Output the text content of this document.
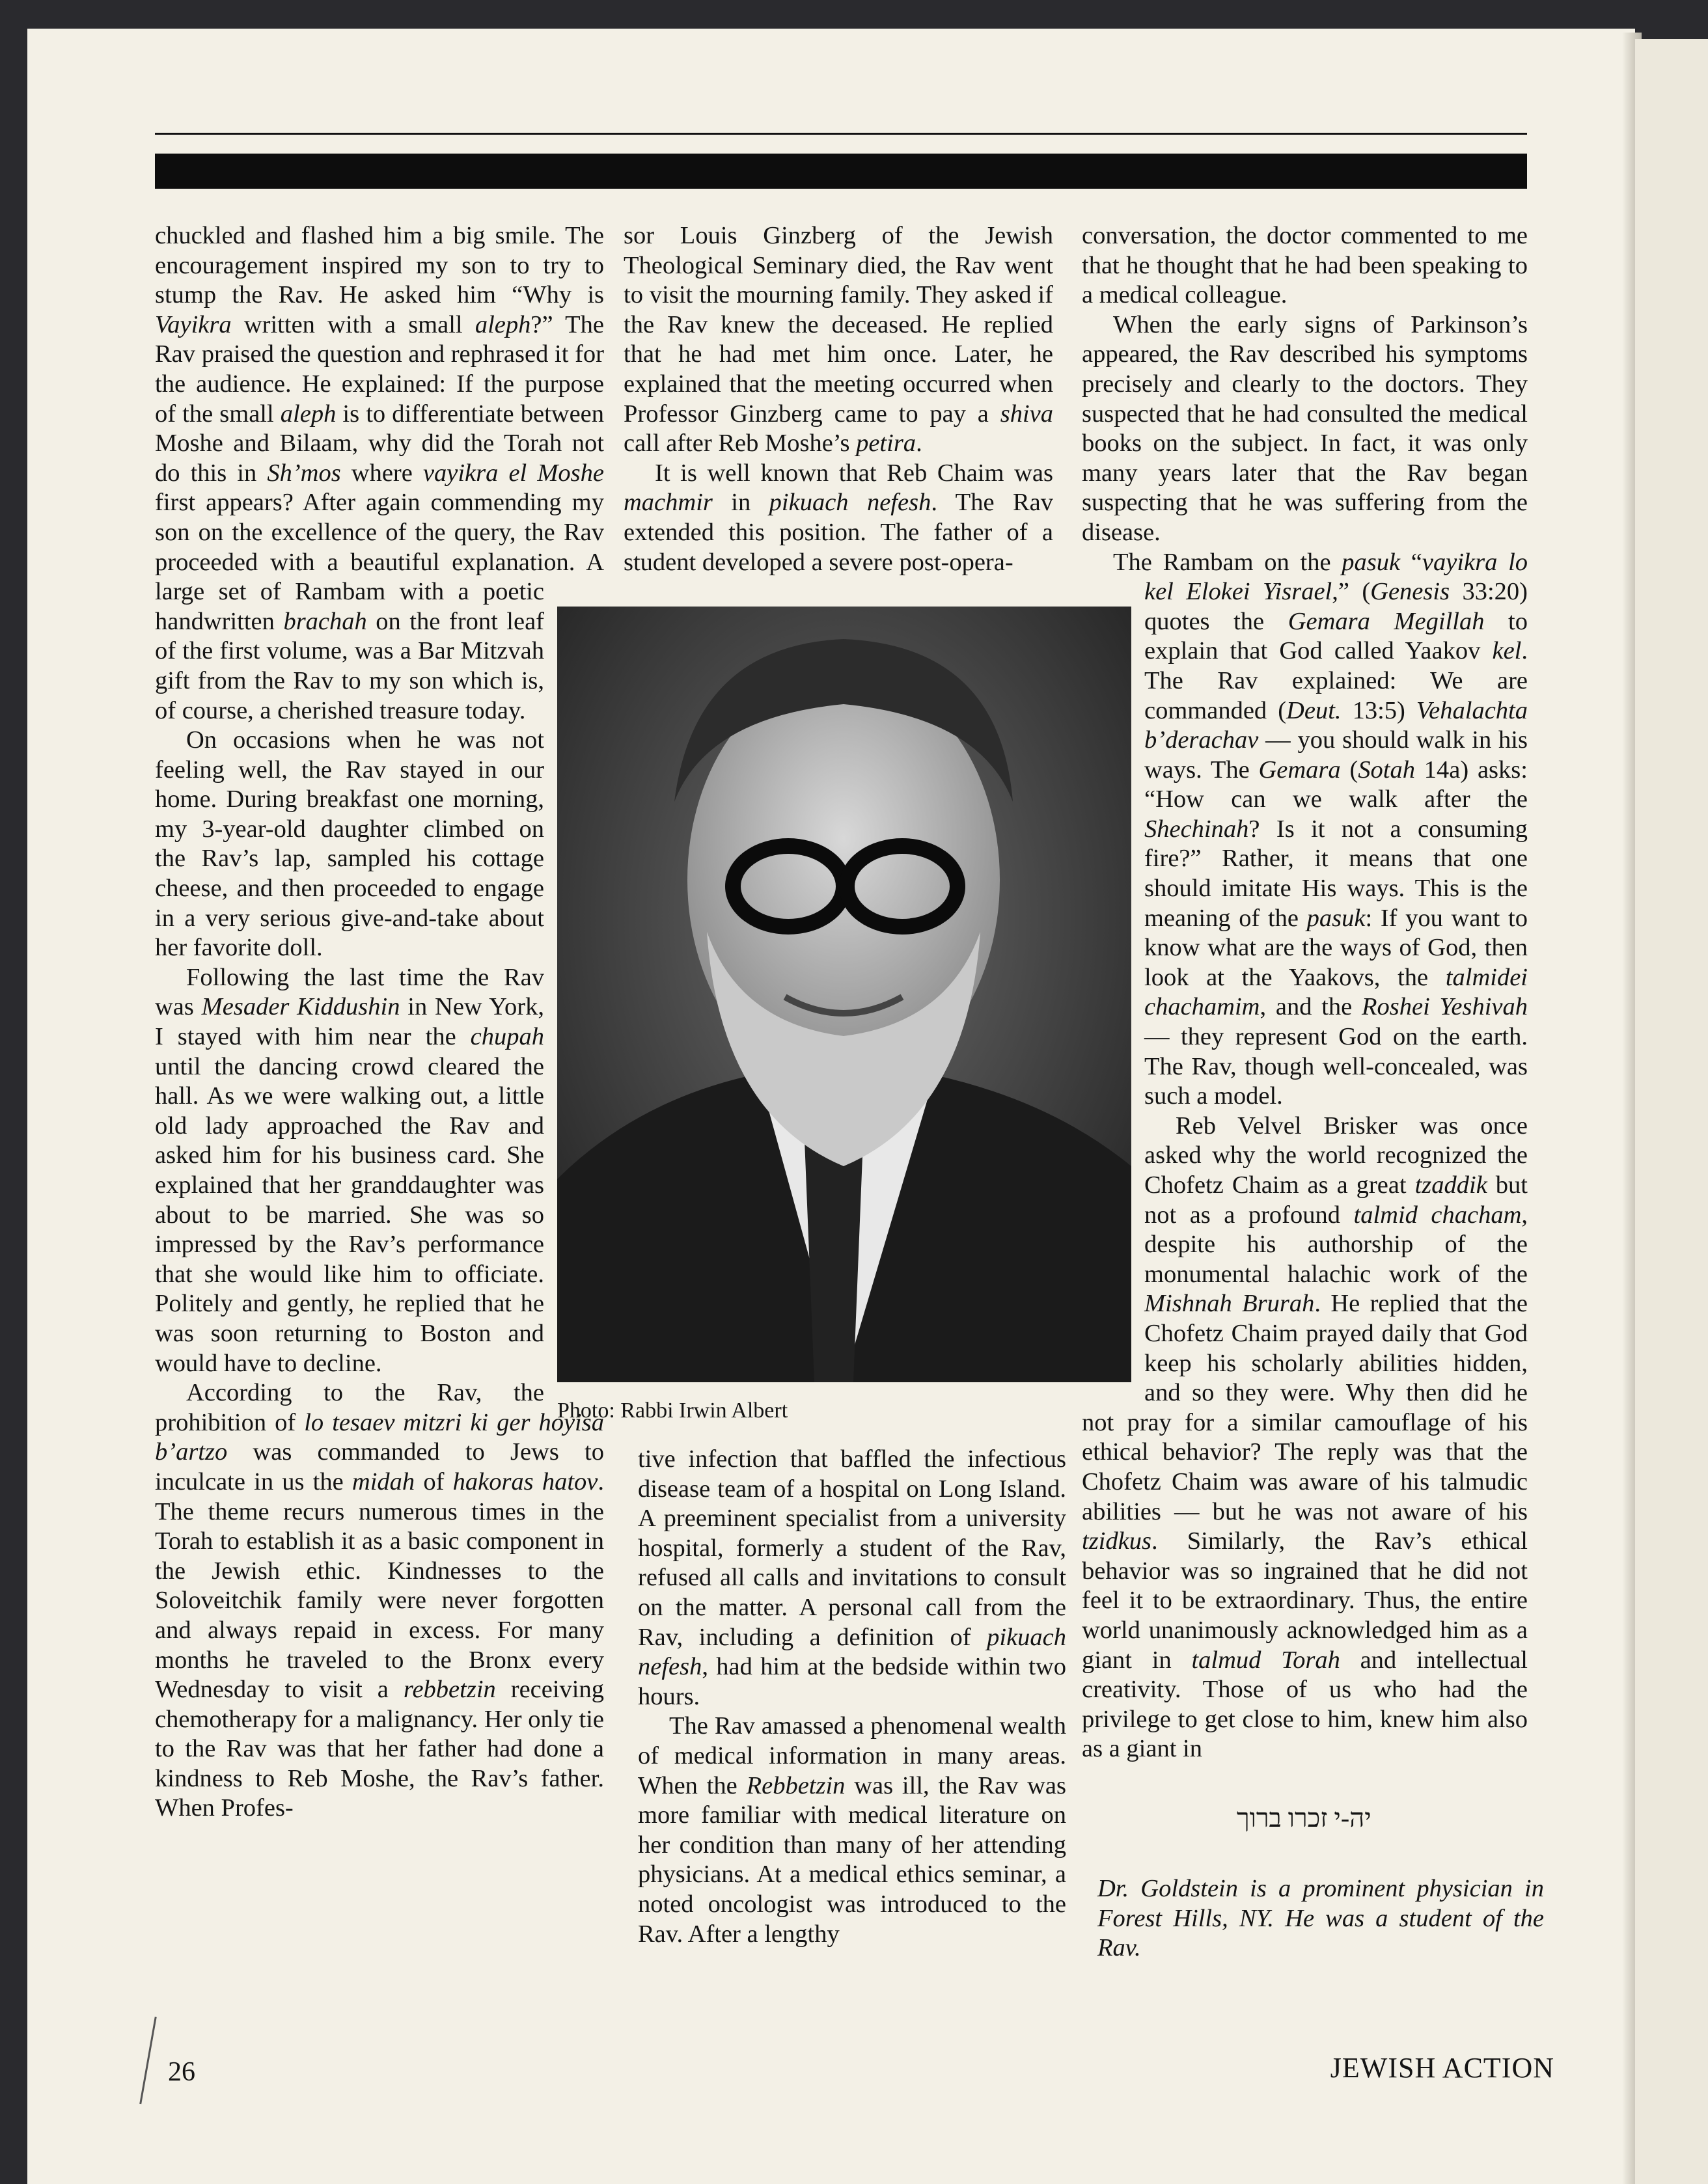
chuckled and flashed him a big smile. The encouragement inspired my son to try to stump the Rav. He asked him “Why is Vayikra written with a small aleph?” The Rav praised the question and rephrased it for the audience. He explained: If the purpose of the small aleph is to differentiate between Moshe and Bilaam, why did the Torah not do this in Sh’mos where vayikra el Moshe first appears? After again commending my son on the excellence of the query, the Rav proceeded with a beautiful explanation. A large set of Rambam with a poetic handwritten brachah on the front leaf of the first volume, was a Bar Mitzvah gift from the Rav to my son which is, of course, a cherished treasure today.

On occasions when he was not feeling well, the Rav stayed in our home. During breakfast one morning, my 3-year-old daughter climbed on the Rav’s lap, sampled his cottage cheese, and then proceeded to engage in a very serious give-and-take about her favorite doll.

Following the last time the Rav was Mesader Kiddushin in New York, I stayed with him near the chupah until the dancing crowd cleared the hall. As we were walking out, a little old lady approached the Rav and asked him for his business card. She explained that her granddaughter was about to be married. She was so impressed by the Rav’s performance that she would like him to officiate. Politely and gently, he replied that he was soon returning to Boston and would have to decline.

According to the Rav, the prohibition of lo tesaev mitzri ki ger hoyisa b’artzo was commanded to Jews to inculcate in us the midah of hakoras hatov. The theme recurs numerous times in the Torah to establish it as a basic component in the Jewish ethic. Kindnesses to the Soloveitchik family were never forgotten and always repaid in excess. For many months he traveled to the Bronx every Wednesday to visit a rebbetzin receiving chemotherapy for a malignancy. Her only tie to the Rav was that her father had done a kindness to Reb Moshe, the Rav’s father. When Profes-

sor Louis Ginzberg of the Jewish Theological Seminary died, the Rav went to visit the mourning family. They asked if the Rav knew the deceased. He replied that he had met him once. Later, he explained that the meeting occurred when Professor Ginzberg came to pay a shiva call after Reb Moshe’s petira.

It is well known that Reb Chaim was machmir in pikuach nefesh. The Rav extended this position. The father of a student developed a severe post-opera-

tive infection that baffled the infectious disease team of a hospital on Long Island. A preeminent specialist from a university hospital, formerly a student of the Rav, refused all calls and invitations to consult on the matter. A personal call from the Rav, including a definition of pikuach nefesh, had him at the bedside within two hours.

The Rav amassed a phenomenal wealth of medical information in many areas. When the Rebbetzin was ill, the Rav was more familiar with medical literature on her condition than many of her attending physicians. At a medical ethics seminar, a noted oncologist was introduced to the Rav. After a lengthy

conversation, the doctor commented to me that he thought that he had been speaking to a medical colleague.

When the early signs of Parkinson’s appeared, the Rav described his symptoms precisely and clearly to the doctors. They suspected that he had consulted the medical books on the subject. In fact, it was only many years later that the Rav began suspecting that he was suffering from the disease.

The Rambam on the pasuk “vayikra lo kel Elokei Yisrael,” (Genesis 33:20) quotes the Gemara Megillah to explain that God called Yaakov kel. The Rav explained: We are commanded (Deut. 13:5) Vehalachta b’derachav — you should walk in his ways. The Gemara (Sotah 14a) asks: “How can we walk after the Shechinah? Is it not a consuming fire?” Rather, it means that one should imitate His ways. This is the meaning of the pasuk: If you want to know what are the ways of God, then look at the Yaakovs, the talmidei chachamim, and the Roshei Yeshivah — they represent God on the earth. The Rav, though well-concealed, was such a model.

Reb Velvel Brisker was once asked why the world recognized the Chofetz Chaim as a great tzaddik but not as a profound talmid chacham, despite his authorship of the monumental halachic work of the Mishnah Brurah. He replied that the Chofetz Chaim prayed daily that God keep his scholarly abilities hidden, and so they were. Why then did he not pray for a similar camouflage of his ethical behavior? The reply was that the Chofetz Chaim was aware of his talmudic abilities — but he was not aware of his tzidkus. Similarly, the Rav’s ethical behavior was so ingrained that he did not feel it to be extraordinary. Thus, the entire world unanimously acknowledged him as a giant in talmud Torah and intellectual creativity. Those of us who had the privilege to get close to him, knew him also as a giant in

Photo: Rabbi Irwin Albert
יה-י זכרו ברוך
Dr. Goldstein is a prominent physician in Forest Hills, NY. He was a student of the Rav.
26	JEWISH ACTION
